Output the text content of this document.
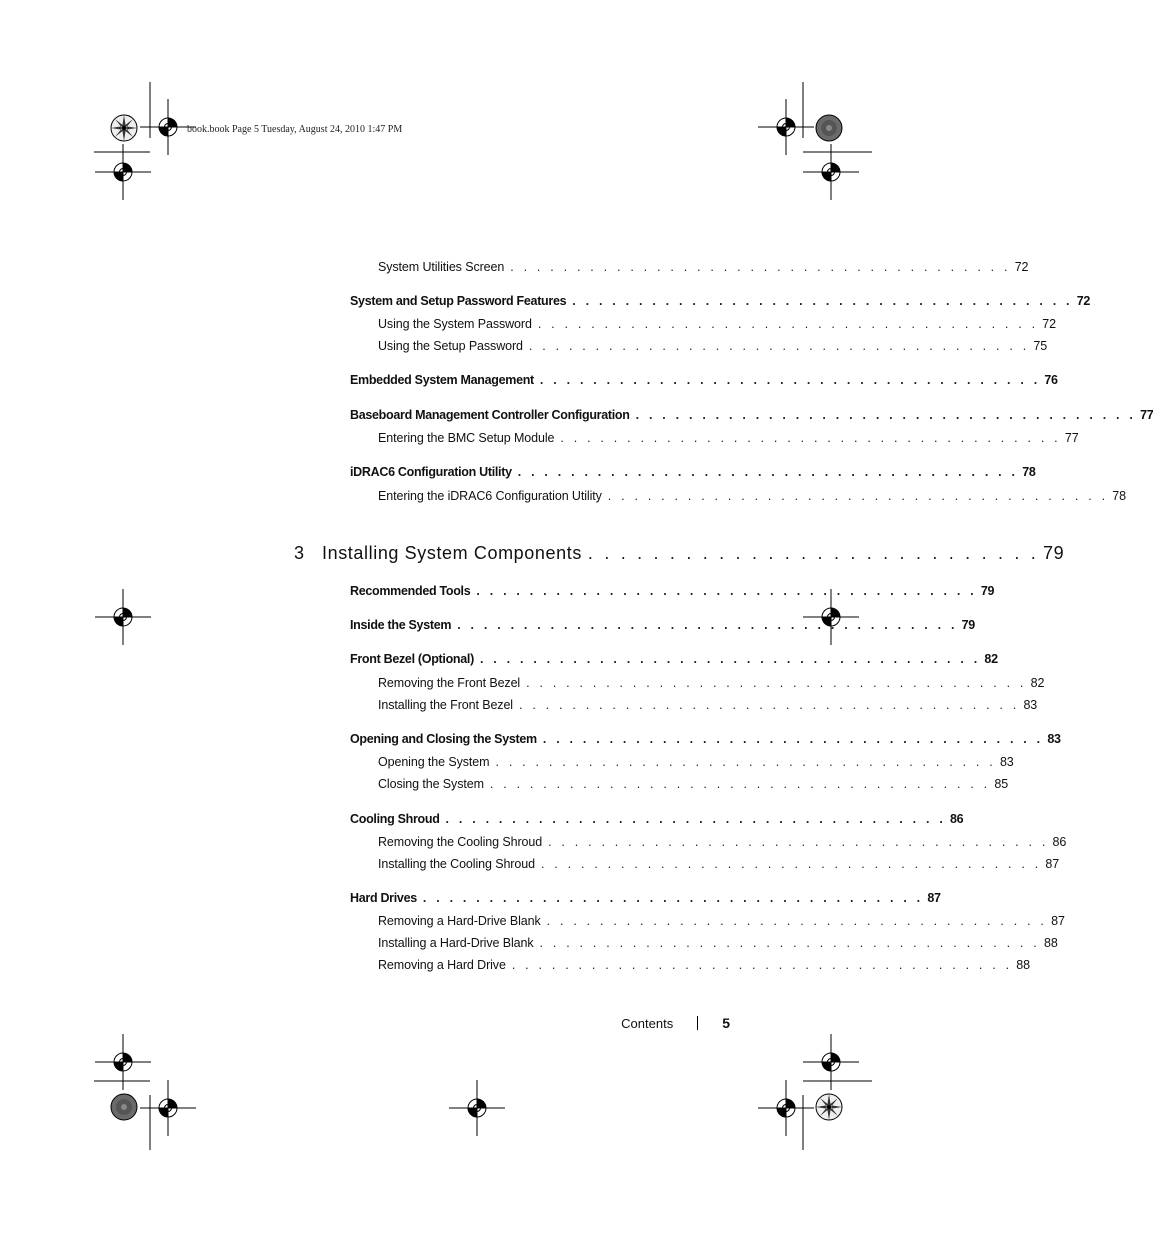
book.book Page 5 Tuesday, August 24, 2010 1:47 PM
System Utilities Screen . . . . . . . . . . . . . . . . . . . . . . . . . . . . . . . . . . . . . . 72
System and Setup Password Features . . . . . . . . . . . . . . . . . . . . . . . . . . . . . . . . . . . . . . 72
Using the System Password . . . . . . . . . . . . . . . . . . . . . . . . . . . . . . . . . . . . . . 72
Using the Setup Password . . . . . . . . . . . . . . . . . . . . . . . . . . . . . . . . . . . . . . 75
Embedded System Management . . . . . . . . . . . . . . . . . . . . . . . . . . . . . . . . . . . . . . 76
Baseboard Management Controller Configuration . . . . . . . . . . . . . . . . . . . . . . . . . . . . . . . . . . . . . . 77
Entering the BMC Setup Module . . . . . . . . . . . . . . . . . . . . . . . . . . . . . . . . . . . . . . 77
iDRAC6 Configuration Utility . . . . . . . . . . . . . . . . . . . . . . . . . . . . . . . . . . . . . . 78
Entering the iDRAC6 Configuration Utility . . . . . . . . . . . . . . . . . . . . . . . . . . . . . . . . . . . . . . 78
3 Installing System Components . . . . . . . . . . . . . . . . . . . . . . . . . . . . 79
Recommended Tools . . . . . . . . . . . . . . . . . . . . . . . . . . . . . . . . . . . . . . 79
Inside the System . . . . . . . . . . . . . . . . . . . . . . . . . . . . . . . . . . . . . . 79
Front Bezel (Optional) . . . . . . . . . . . . . . . . . . . . . . . . . . . . . . . . . . . . . . 82
Removing the Front Bezel . . . . . . . . . . . . . . . . . . . . . . . . . . . . . . . . . . . . . . 82
Installing the Front Bezel . . . . . . . . . . . . . . . . . . . . . . . . . . . . . . . . . . . . . . 83
Opening and Closing the System . . . . . . . . . . . . . . . . . . . . . . . . . . . . . . . . . . . . . . 83
Opening the System . . . . . . . . . . . . . . . . . . . . . . . . . . . . . . . . . . . . . . 83
Closing the System . . . . . . . . . . . . . . . . . . . . . . . . . . . . . . . . . . . . . . 85
Cooling Shroud . . . . . . . . . . . . . . . . . . . . . . . . . . . . . . . . . . . . . . 86
Removing the Cooling Shroud . . . . . . . . . . . . . . . . . . . . . . . . . . . . . . . . . . . . . . 86
Installing the Cooling Shroud . . . . . . . . . . . . . . . . . . . . . . . . . . . . . . . . . . . . . . 87
Hard Drives . . . . . . . . . . . . . . . . . . . . . . . . . . . . . . . . . . . . . . 87
Removing a Hard-Drive Blank . . . . . . . . . . . . . . . . . . . . . . . . . . . . . . . . . . . . . . 87
Installing a Hard-Drive Blank . . . . . . . . . . . . . . . . . . . . . . . . . . . . . . . . . . . . . . 88
Removing a Hard Drive . . . . . . . . . . . . . . . . . . . . . . . . . . . . . . . . . . . . . . 88
Contents	5
